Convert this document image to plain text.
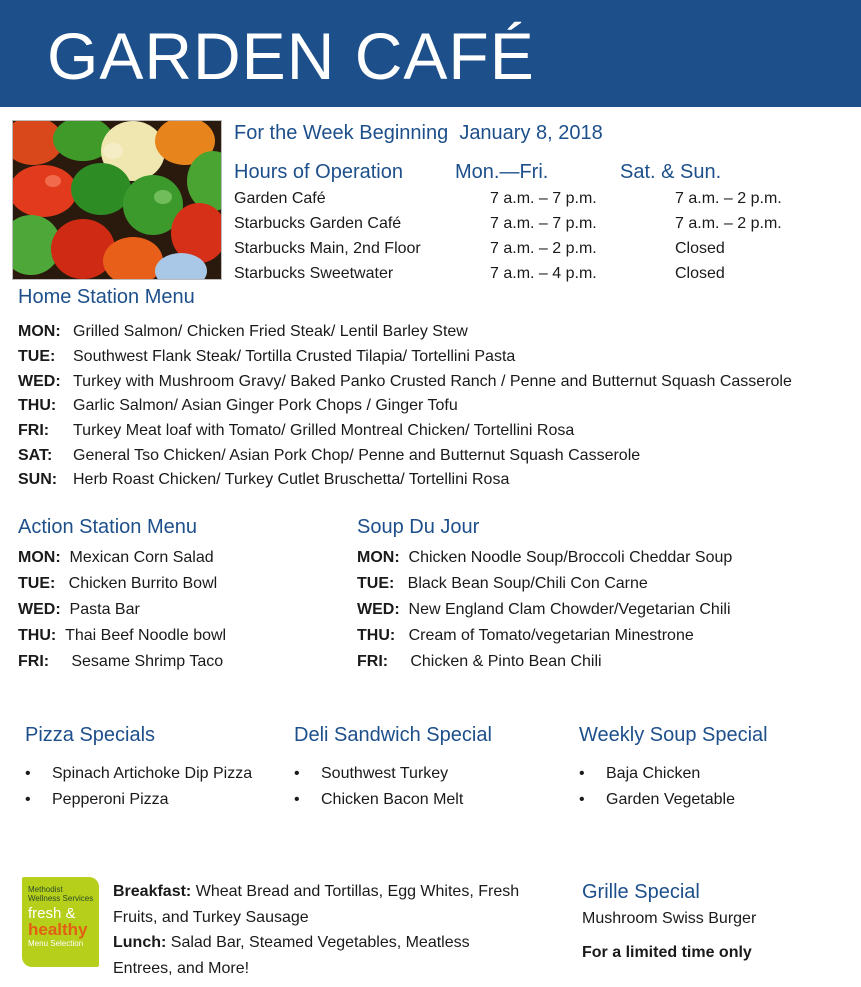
GARDEN CAFÉ
For the Week Beginning  January 8, 2018
Hours of Operation	Mon.—Fri.	Sat. & Sun.
Garden Café	7 a.m. – 7 p.m.	7 a.m. – 2 p.m.
Starbucks Garden Café	7 a.m. – 7 p.m.	7 a.m. – 2 p.m.
Starbucks Main, 2nd Floor	7 a.m. – 2 p.m.	Closed
Starbucks Sweetwater	7 a.m. – 4 p.m.	Closed
Home Station Menu
MON: Grilled Salmon/ Chicken Fried Steak/ Lentil Barley Stew
TUE: Southwest Flank Steak/ Tortilla Crusted Tilapia/ Tortellini Pasta
WED: Turkey with Mushroom Gravy/ Baked Panko Crusted Ranch / Penne and Butternut Squash Casserole
THU: Garlic Salmon/ Asian Ginger Pork Chops / Ginger Tofu
FRI: Turkey Meat loaf with Tomato/ Grilled Montreal Chicken/ Tortellini Rosa
SAT: General Tso Chicken/ Asian Pork Chop/ Penne and Butternut Squash Casserole
SUN: Herb Roast Chicken/ Turkey Cutlet Bruschetta/ Tortellini Rosa
Action Station Menu
MON: Mexican Corn Salad
TUE: Chicken Burrito Bowl
WED: Pasta Bar
THU: Thai Beef Noodle bowl
FRI: Sesame Shrimp Taco
Soup Du Jour
MON: Chicken Noodle Soup/Broccoli Cheddar Soup
TUE: Black Bean Soup/Chili Con Carne
WED: New England Clam Chowder/Vegetarian Chili
THU: Cream of Tomato/vegetarian Minestrone
FRI: Chicken & Pinto Bean Chili
Pizza Specials
• Spinach Artichoke Dip Pizza
• Pepperoni Pizza
Deli Sandwich Special
• Southwest Turkey
• Chicken Bacon Melt
Weekly Soup Special
• Baja Chicken
• Garden Vegetable
Methodist
Wellness Services
fresh &
healthy
Menu Selection
Breakfast: Wheat Bread and Tortillas, Egg Whites, Fresh Fruits, and Turkey Sausage
Lunch: Salad Bar, Steamed Vegetables, Meatless Entrees, and More!
Grille Special
Mushroom Swiss Burger
For a limited time only
